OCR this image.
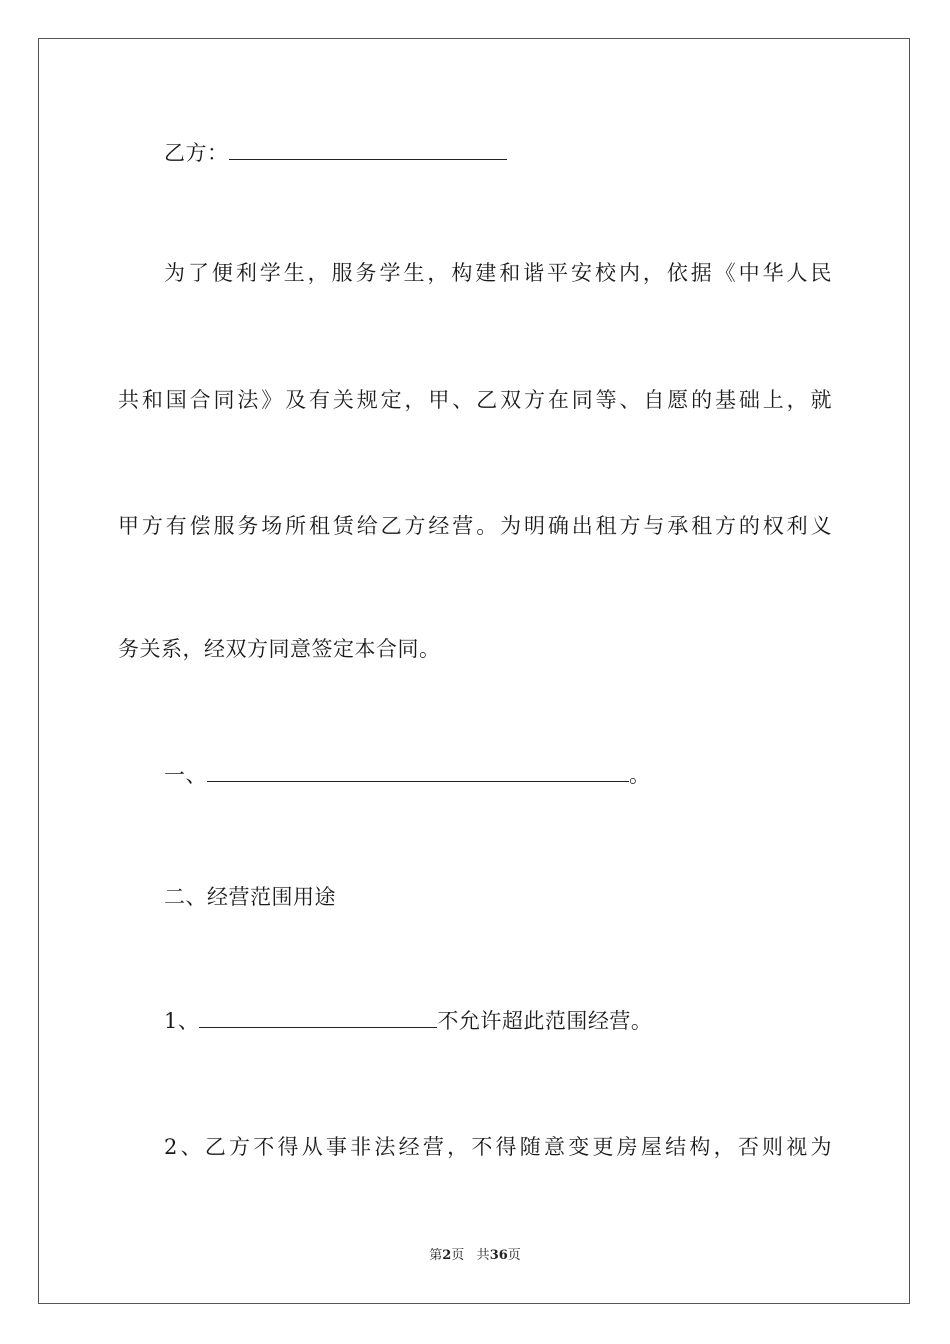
乙方：
为了便利学生，服务学生，构建和谐平安校内，依据《中华人民
共和国合同法》及有关规定，甲、乙双方在同等、自愿的基础上，就
甲方有偿服务场所租赁给乙方经营。为明确出租方与承租方的权利义
务关系，经双方同意签定本合同。
一、	。
二、经营范围用途
1、	不允许超此范围经营。
2、乙方不得从事非法经营，不得随意变更房屋结构，否则视为
第2页 共36页
